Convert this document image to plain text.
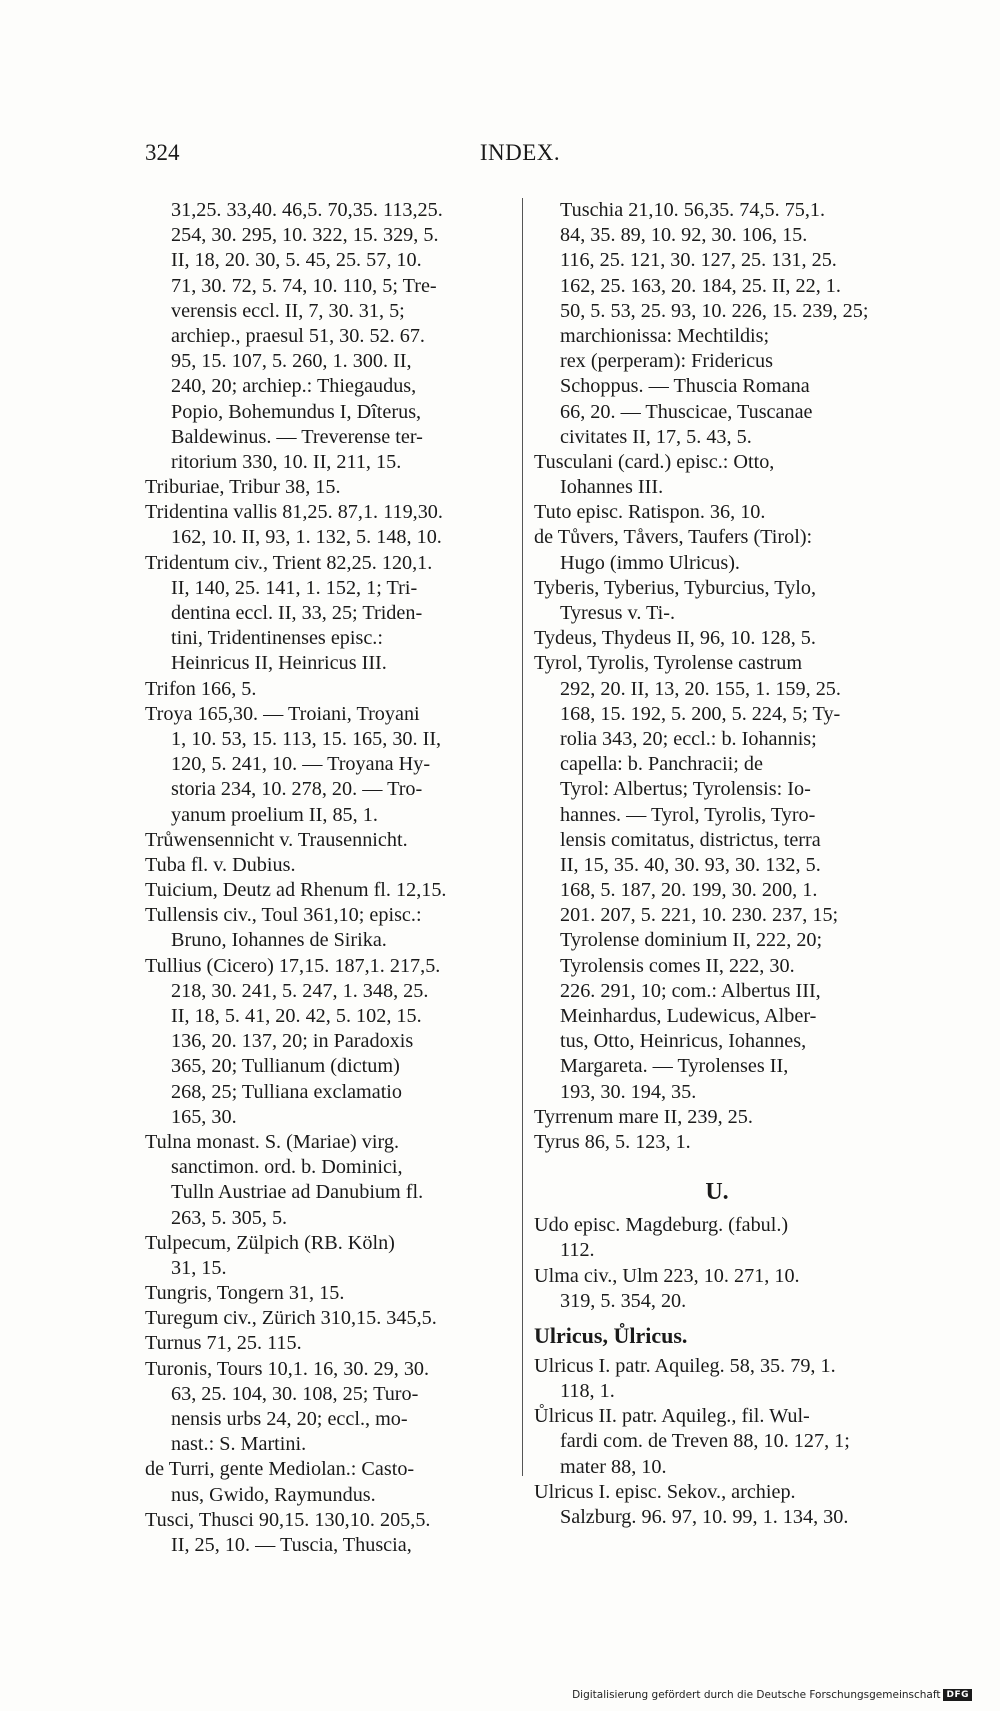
324	INDEX.
31,25. 33,40. 46,5. 70,35. 113,25.
254, 30. 295, 10. 322, 15. 329, 5.
II, 18, 20. 30, 5. 45, 25. 57, 10.
71, 30. 72, 5. 74, 10. 110, 5; Tre-
verensis eccl. II, 7, 30. 31, 5;
archiep., praesul 51, 30. 52. 67.
95, 15. 107, 5. 260, 1. 300. II,
240, 20; archiep.: Thiegaudus,
Popio, Bohemundus I, Dîterus,
Baldewinus. — Treverense ter-
ritorium 330, 10. II, 211, 15.
Triburiae, Tribur 38, 15.
Tridentina vallis 81,25. 87,1. 119,30.
162, 10. II, 93, 1. 132, 5. 148, 10.
Tridentum civ., Trient 82,25. 120,1.
II, 140, 25. 141, 1. 152, 1; Tri-
dentina eccl. II, 33, 25; Triden-
tini, Tridentinenses episc.:
Heinricus II, Heinricus III.
Trifon 166, 5.
Troya 165,30. — Troiani, Troyani
1, 10. 53, 15. 113, 15. 165, 30. II,
120, 5. 241, 10. — Troyana Hy-
storia 234, 10. 278, 20. — Tro-
yanum proelium II, 85, 1.
Trůwensennicht v. Trausennicht.
Tuba fl. v. Dubius.
Tuicium, Deutz ad Rhenum fl. 12,15.
Tullensis civ., Toul 361,10; episc.:
Bruno, Iohannes de Sirika.
Tullius (Cicero) 17,15. 187,1. 217,5.
218, 30. 241, 5. 247, 1. 348, 25.
II, 18, 5. 41, 20. 42, 5. 102, 15.
136, 20. 137, 20; in Paradoxis
365, 20; Tullianum (dictum)
268, 25; Tulliana exclamatio
165, 30.
Tulna monast. S. (Mariae) virg.
sanctimon. ord. b. Dominici,
Tulln Austriae ad Danubium fl.
263, 5. 305, 5.
Tulpecum, Zülpich (RB. Köln)
31, 15.
Tungris, Tongern 31, 15.
Turegum civ., Zürich 310,15. 345,5.
Turnus 71, 25. 115.
Turonis, Tours 10,1. 16, 30. 29, 30.
63, 25. 104, 30. 108, 25; Turo-
nensis urbs 24, 20; eccl., mo-
nast.: S. Martini.
de Turri, gente Mediolan.: Casto-
nus, Gwido, Raymundus.
Tusci, Thusci 90,15. 130,10. 205,5.
II, 25, 10. — Tuscia, Thuscia,
Tuschia 21,10. 56,35. 74,5. 75,1.
84, 35. 89, 10. 92, 30. 106, 15.
116, 25. 121, 30. 127, 25. 131, 25.
162, 25. 163, 20. 184, 25. II, 22, 1.
50, 5. 53, 25. 93, 10. 226, 15. 239, 25;
marchionissa: Mechtildis;
rex (perperam): Fridericus
Schoppus. — Thuscia Romana
66, 20. — Thuscicae, Tuscanae
civitates II, 17, 5. 43, 5.
Tusculani (card.) episc.: Otto,
Iohannes III.
Tuto episc. Ratispon. 36, 10.
de Tůvers, Tåvers, Taufers (Tirol):
Hugo (immo Ulricus).
Tyberis, Tyberius, Tyburcius, Tylo,
Tyresus v. Ti-.
Tydeus, Thydeus II, 96, 10. 128, 5.
Tyrol, Tyrolis, Tyrolense castrum
292, 20. II, 13, 20. 155, 1. 159, 25.
168, 15. 192, 5. 200, 5. 224, 5; Ty-
rolia 343, 20; eccl.: b. Iohannis;
capella: b. Panchracii; de
Tyrol: Albertus; Tyrolensis: Io-
hannes. — Tyrol, Tyrolis, Tyro-
lensis comitatus, districtus, terra
II, 15, 35. 40, 30. 93, 30. 132, 5.
168, 5. 187, 20. 199, 30. 200, 1.
201. 207, 5. 221, 10. 230. 237, 15;
Tyrolense dominium II, 222, 20;
Tyrolensis comes II, 222, 30.
226. 291, 10; com.: Albertus III,
Meinhardus, Ludewicus, Alber-
tus, Otto, Heinricus, Iohannes,
Margareta. — Tyrolenses II,
193, 30. 194, 35.
Tyrrenum mare II, 239, 25.
Tyrus 86, 5. 123, 1.
U.
Udo episc. Magdeburg. (fabul.)
112.
Ulma civ., Ulm 223, 10. 271, 10.
319, 5. 354, 20.
Ulricus, Ůlricus.
Ulricus I. patr. Aquileg. 58, 35. 79, 1.
118, 1.
Ůlricus II. patr. Aquileg., fil. Wul-
fardi com. de Treven 88, 10. 127, 1;
mater 88, 10.
Ulricus I. episc. Sekov., archiep.
Salzburg. 96. 97, 10. 99, 1. 134, 30.
Digitalisierung gefördert durch die Deutsche Forschungsgemeinschaft DFG
